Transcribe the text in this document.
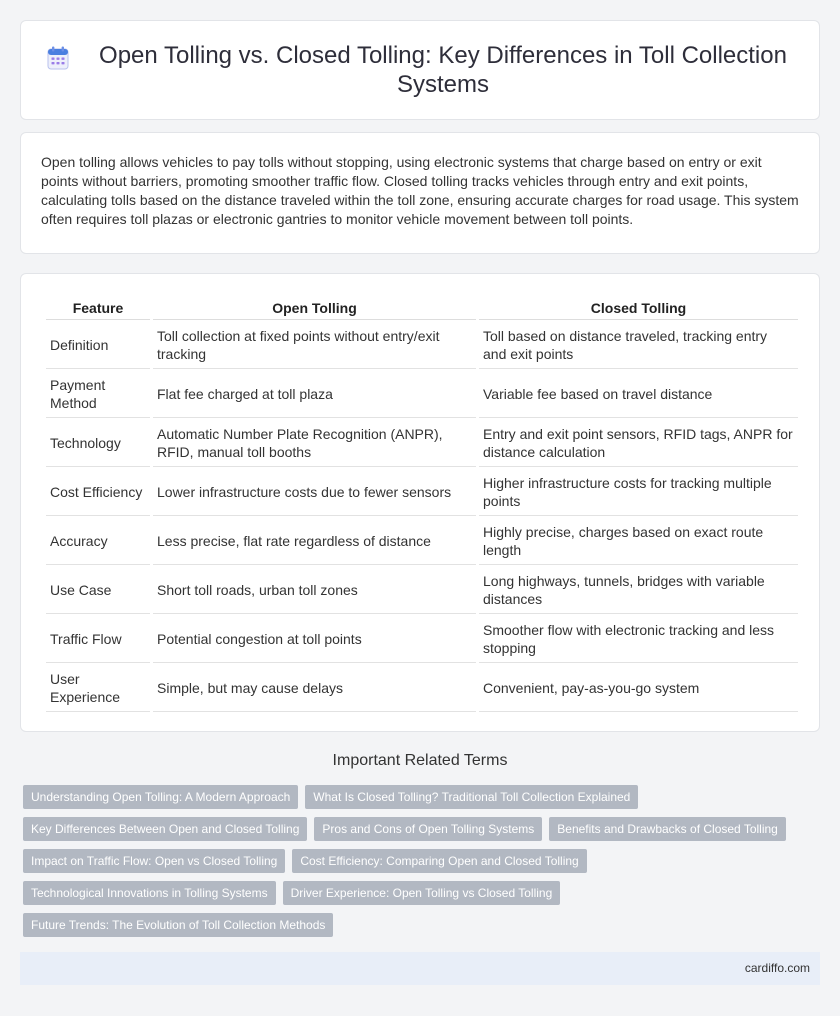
Open Tolling vs. Closed Tolling: Key Differences in Toll Collection Systems

Open tolling allows vehicles to pay tolls without stopping, using electronic systems that charge based on entry or exit points without barriers, promoting smoother traffic flow. Closed tolling tracks vehicles through entry and exit points, calculating tolls based on the distance traveled within the toll zone, ensuring accurate charges for road usage. This system often requires toll plazas or electronic gantries to monitor vehicle movement between toll points.

Feature	Open Tolling	Closed Tolling
Definition	Toll collection at fixed points without entry/exit tracking	Toll based on distance traveled, tracking entry and exit points
Payment Method	Flat fee charged at toll plaza	Variable fee based on travel distance
Technology	Automatic Number Plate Recognition (ANPR), RFID, manual toll booths	Entry and exit point sensors, RFID tags, ANPR for distance calculation
Cost Efficiency	Lower infrastructure costs due to fewer sensors	Higher infrastructure costs for tracking multiple points
Accuracy	Less precise, flat rate regardless of distance	Highly precise, charges based on exact route length
Use Case	Short toll roads, urban toll zones	Long highways, tunnels, bridges with variable distances
Traffic Flow	Potential congestion at toll points	Smoother flow with electronic tracking and less stopping
User Experience	Simple, but may cause delays	Convenient, pay-as-you-go system
Important Related Terms
Understanding Open Tolling: A Modern Approach	What Is Closed Tolling? Traditional Toll Collection Explained
Key Differences Between Open and Closed Tolling	Pros and Cons of Open Tolling Systems	Benefits and Drawbacks of Closed Tolling
Impact on Traffic Flow: Open vs Closed Tolling	Cost Efficiency: Comparing Open and Closed Tolling
Technological Innovations in Tolling Systems	Driver Experience: Open Tolling vs Closed Tolling
Future Trends: The Evolution of Toll Collection Methods
cardiffo.com
